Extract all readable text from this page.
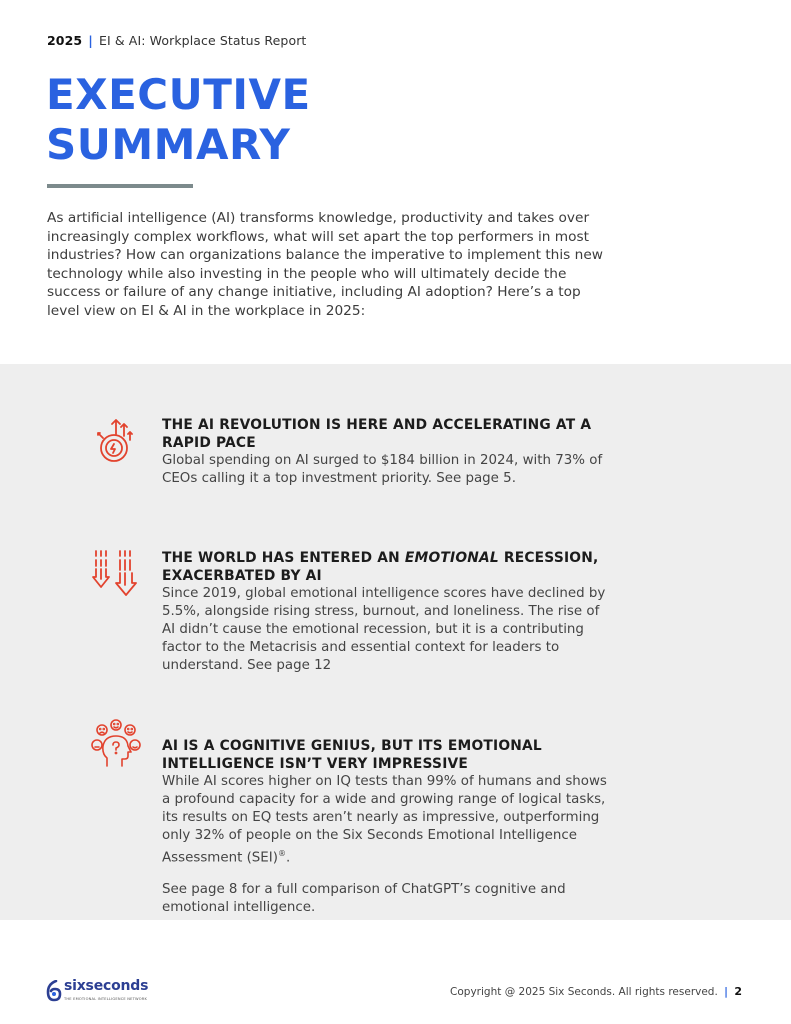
2025 | EI & AI: Workplace Status Report
EXECUTIVE
SUMMARY

As artificial intelligence (AI) transforms knowledge, productivity and takes over increasingly complex workflows, what will set apart the top performers in most industries? How can organizations balance the imperative to implement this new technology while also investing in the people who will ultimately decide the success or failure of any change initiative, including AI adoption? Here’s a top level view on EI & AI in the workplace in 2025:

THE AI REVOLUTION IS HERE AND ACCELERATING AT A RAPID PACE

Global spending on AI surged to $184 billion in 2024, with 73% of CEOs calling it a top investment priority. See page 5.

THE WORLD HAS ENTERED AN EMOTIONAL RECESSION, EXACERBATED BY AI

Since 2019, global emotional intelligence scores have declined by 5.5%, alongside rising stress, burnout, and loneliness. The rise of AI didn’t cause the emotional recession, but it is a contributing factor to the Metacrisis and essential context for leaders to understand. See page 12

AI IS A COGNITIVE GENIUS, BUT ITS EMOTIONAL INTELLIGENCE ISN’T VERY IMPRESSIVE

While AI scores higher on IQ tests than 99% of humans and shows a profound capacity for a wide and growing range of logical tasks, its results on EQ tests aren’t nearly as impressive, outperforming only 32% of people on the Six Seconds Emotional Intelligence Assessment (SEI)®.

See page 8 for a full comparison of ChatGPT’s cognitive and emotional intelligence.

sixseconds
THE EMOTIONAL INTELLIGENCE NETWORK
Copyright @ 2025 Six Seconds. All rights reserved. | 2
